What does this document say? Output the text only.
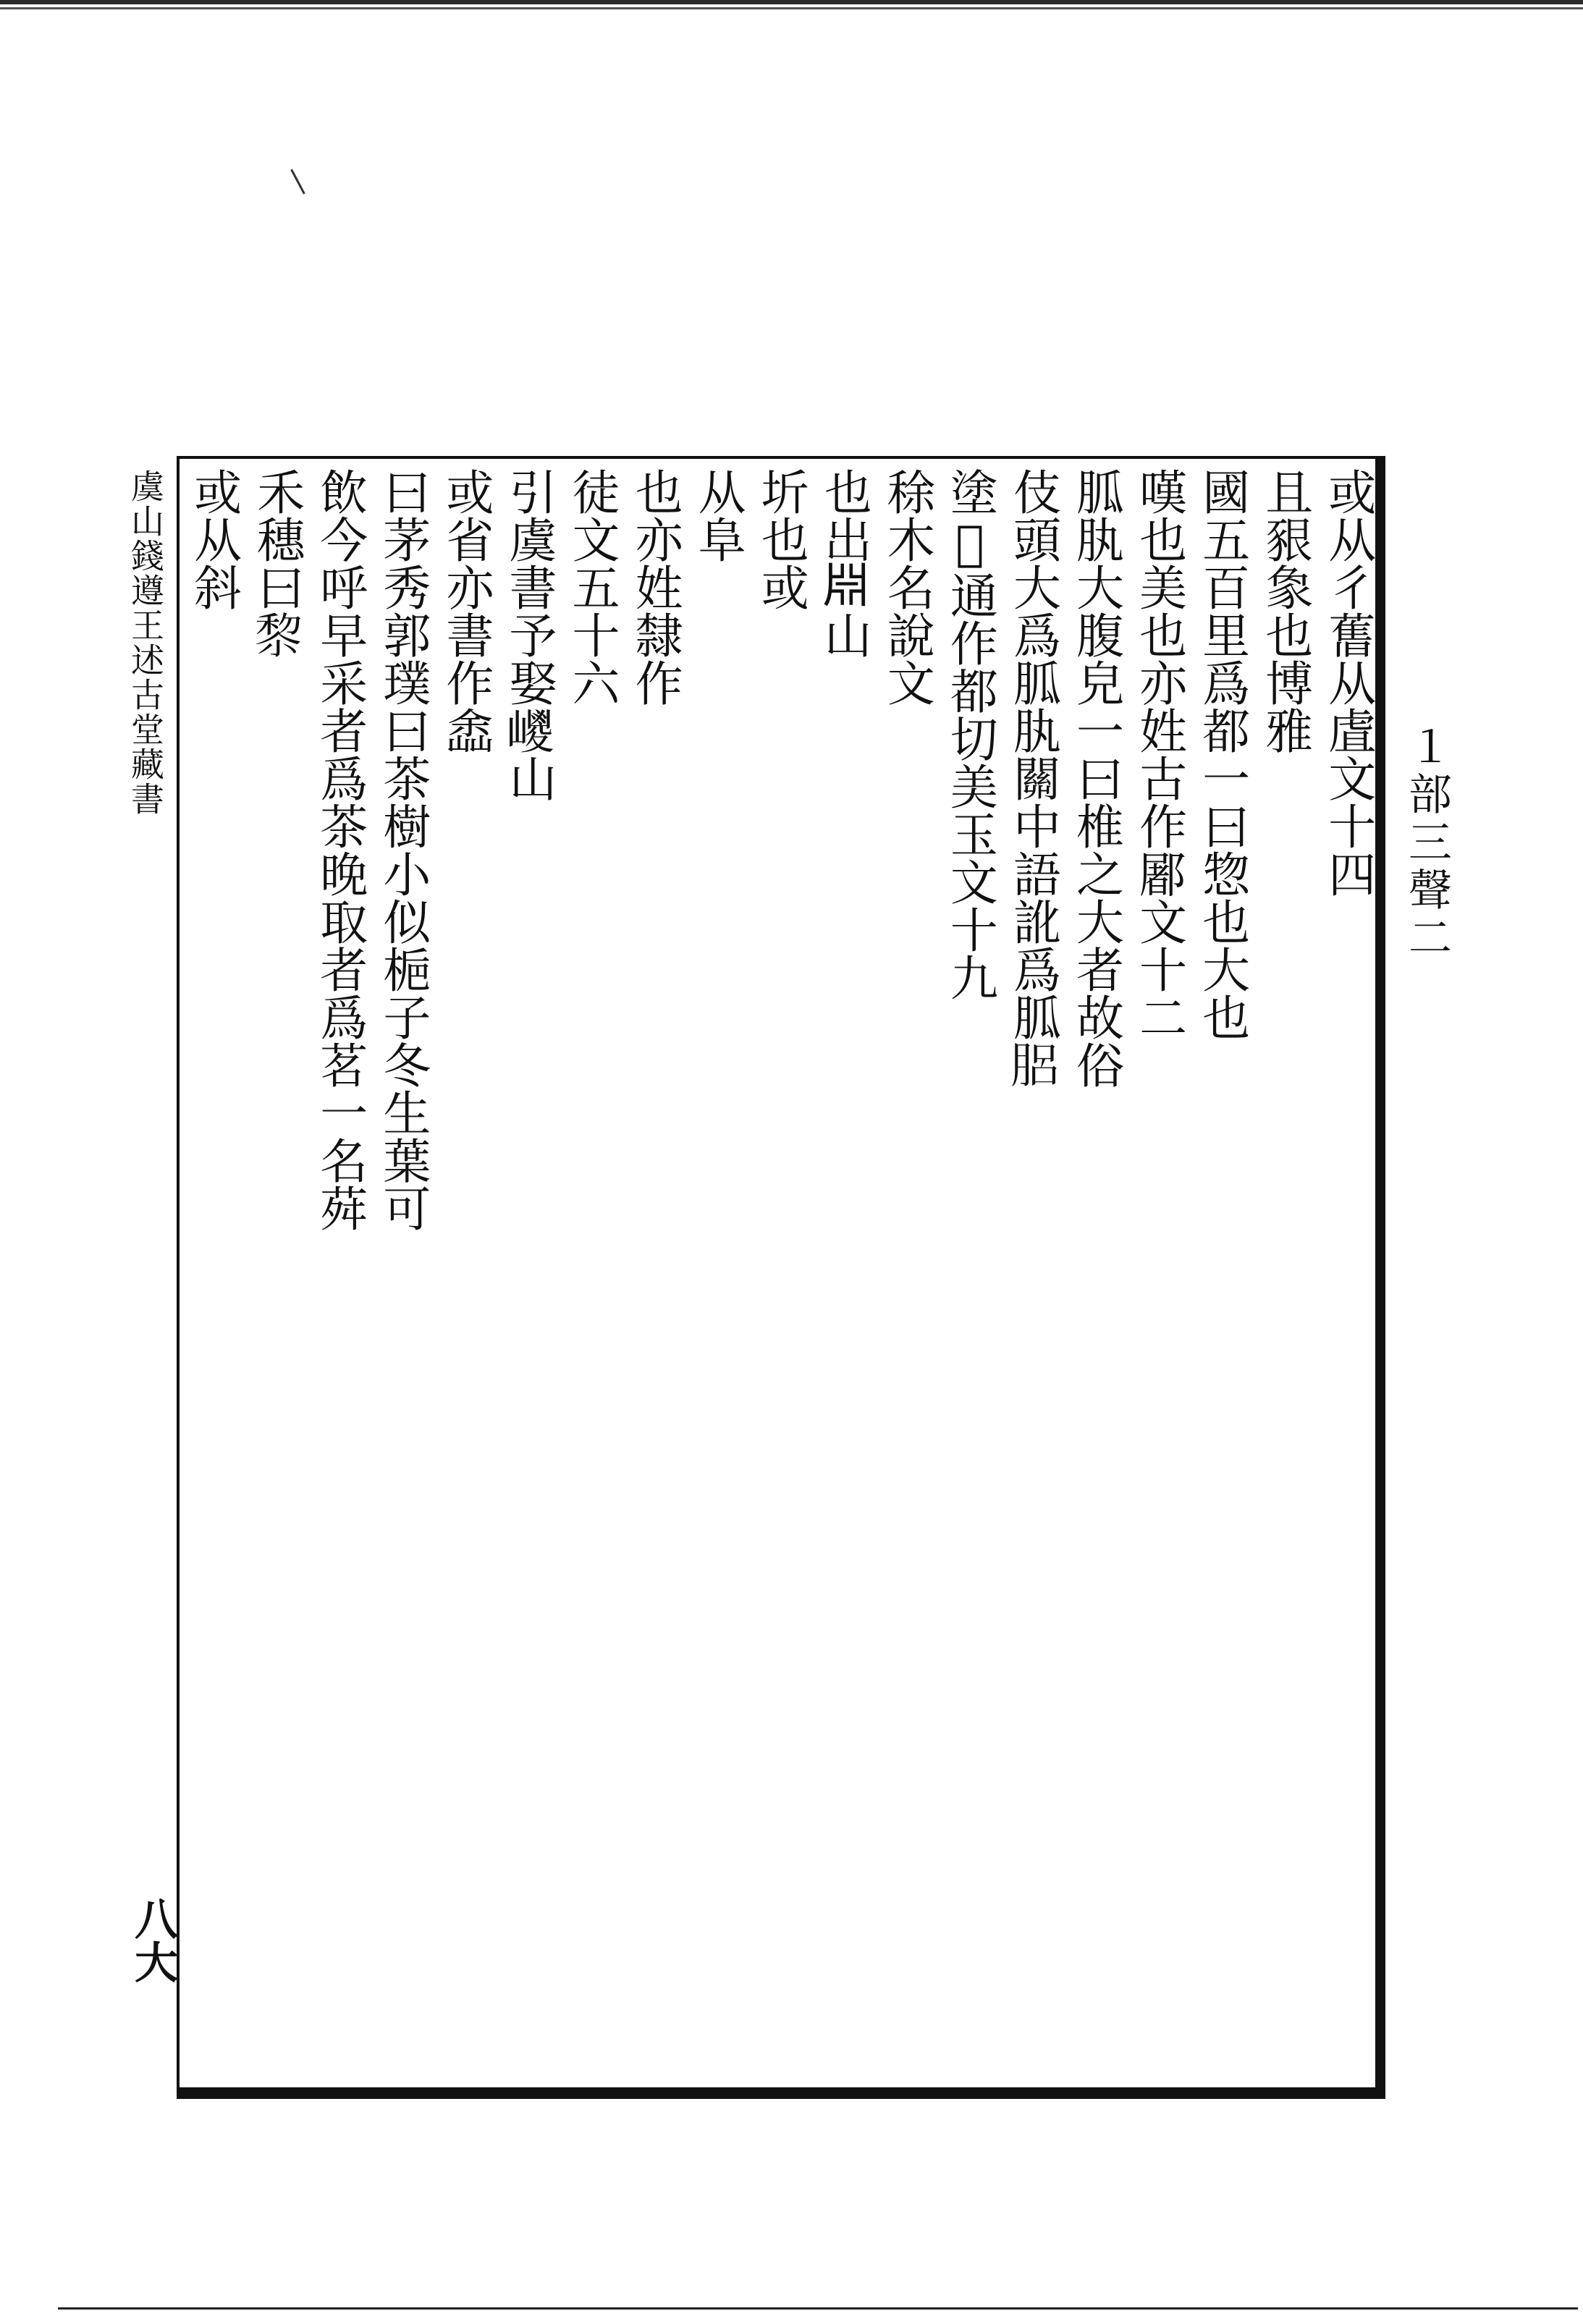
虞山錢遵王述古堂藏書
八大
１部三聲二
或从彳𦾔从虘文十四
且豤𧰼也博雅
國五百里爲都一曰惣也大也
嘆也美也亦姓古作䣝文十二
胍肒大腹皃一曰椎之大者故俗
伎頭大爲胍肒關中語訛爲胍𦛗
塗𤦜通作都切美玉文十九
稌木名說文
也出𣶒山
圻也或
从阜
也亦姓隸作
徒文五十六
引虞書予娶𡽀山
或省亦書作嵞
曰茅秀郭璞曰茶樹小似梔子冬生葉可
飲今呼早采者爲茶晚取者爲茗一名荈
禾穗曰𥟖
或从斜
